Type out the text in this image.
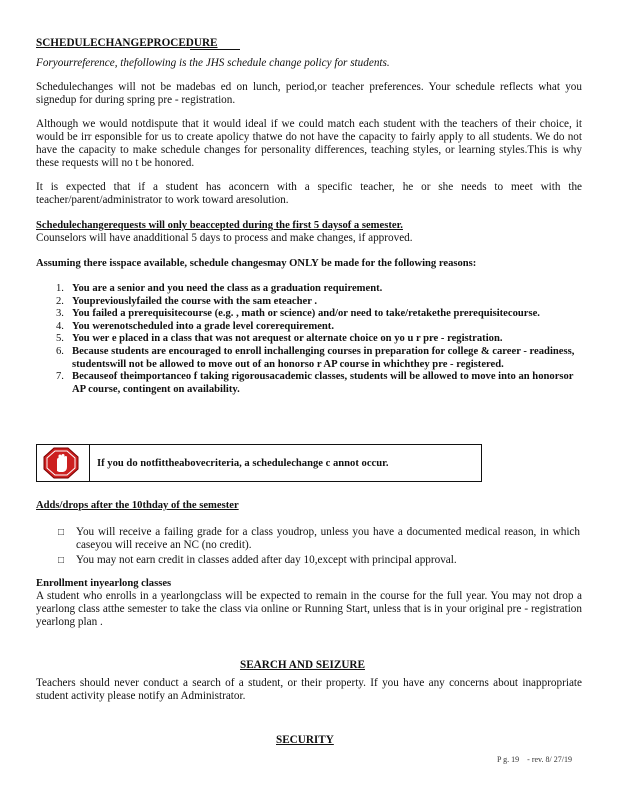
SCHEDULECHANGEPROCEDURE

Foryourreference, thefollowing is the JHS schedule change policy for students.

Schedulechanges will not be madebas ed on lunch, period,or teacher preferences. Your schedule reflects what you signedup for during spring pre - registration.

Although we would notdispute that it would ideal if we could match each student with the teachers of their choice, it would be irr esponsible for us to create apolicy thatwe do not have the capacity to fairly apply to all students. We do not have the capacity to make schedule changes for personality differences, teaching styles, or learning styles.This is why these requests will no t be honored.

It is expected that if a student has aconcern with a specific teacher, he or she needs to meet with the teacher/parent/administrator to work toward aresolution.

Schedulechangerequests will only beaccepted during the first 5 daysof a semester.

Counselors will have anadditional 5 days to process and make changes, if approved.

Assuming there isspace available, schedule changesmay ONLY be made for the following reasons:

1. You are a senior and you need the class as a graduation requirement.
2. Youpreviouslyfailed the course with the sam eteacher .
3. You failed a prerequisitecourse (e.g. , math or science) and/or need to take/retakethe prerequisitecourse.
4. You werenotscheduled into a grade level corerequirement.
5. You wer e placed in a class that was not arequest or alternate choice on yo u r pre - registration.
6. Because students are encouraged to enroll inchallenging courses in preparation for college & career - readiness, studentswill not be allowed to move out of an honorso r AP course in whichthey pre - registered.
7. Becauseof theimportanceo f taking rigorousacademic classes, students will be allowed to move into an honorsor AP course, contingent on availability.
If you do notfittheabovecriteria, a schedulechange c annot occur.

Adds/drops after the 10thday of the semester

□ You will receive a failing grade for a class youdrop, unless you have a documented medical reason, in which caseyou will receive an NC (no credit).
□ You may not earn credit in classes added after day 10,except with principal approval.

Enrollment inyearlong classes

A student who enrolls in a yearlongclass will be expected to remain in the course for the full year. You may not drop a yearlong class atthe semester to take the class via online or Running Start, unless that is in your original pre - registration yearlong plan .

SEARCH AND SEIZURE

Teachers should never conduct a search of a student, or their property. If you have any concerns about inappropriate student activity please notify an Administrator.

SECURITY
P g. 19 - rev. 8/ 27/19
